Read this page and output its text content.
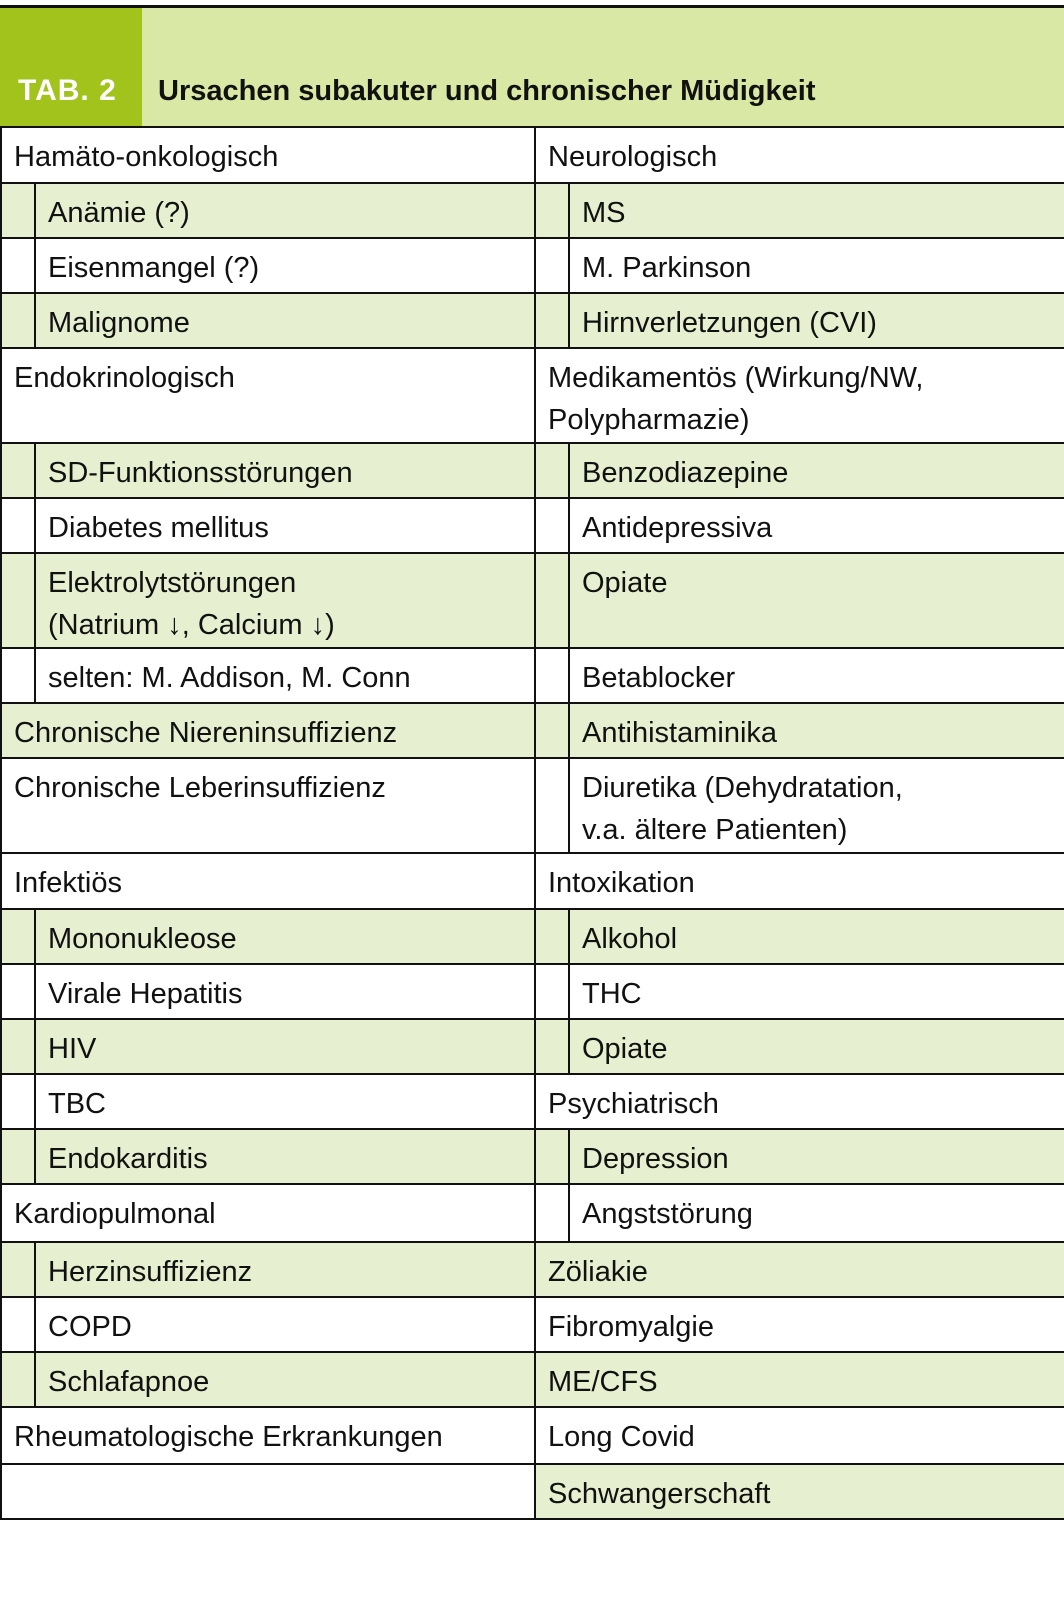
TAB. 2 Ursachen subakuter und chronischer Müdigkeit
Hamäto-onkologisch
Anämie (?)
Eisenmangel (?)
Malignome
Endokrinologisch
SD-Funktionsstörungen
Diabetes mellitus
Elektrolytstörungen
(Natrium ↓, Calcium ↓)
selten: M. Addison, M. Conn
Chronische Niereninsuffizienz
Chronische Leberinsuffizienz
Infektiös
Mononukleose
Virale Hepatitis
HIV
TBC
Endokarditis
Kardiopulmonal
Herzinsuffizienz
COPD
Schlafapnoe
Rheumatologische Erkrankungen
Neurologisch
MS
M. Parkinson
Hirnverletzungen (CVI)
Medikamentös (Wirkung/NW,
Polypharmazie)
Benzodiazepine
Antidepressiva
Opiate
Betablocker
Antihistaminika
Diuretika (Dehydratation,
v.a. ältere Patienten)
Intoxikation
Alkohol
THC
Opiate
Psychiatrisch
Depression
Angststörung
Zöliakie
Fibromyalgie
ME/CFS
Long Covid
Schwangerschaft
